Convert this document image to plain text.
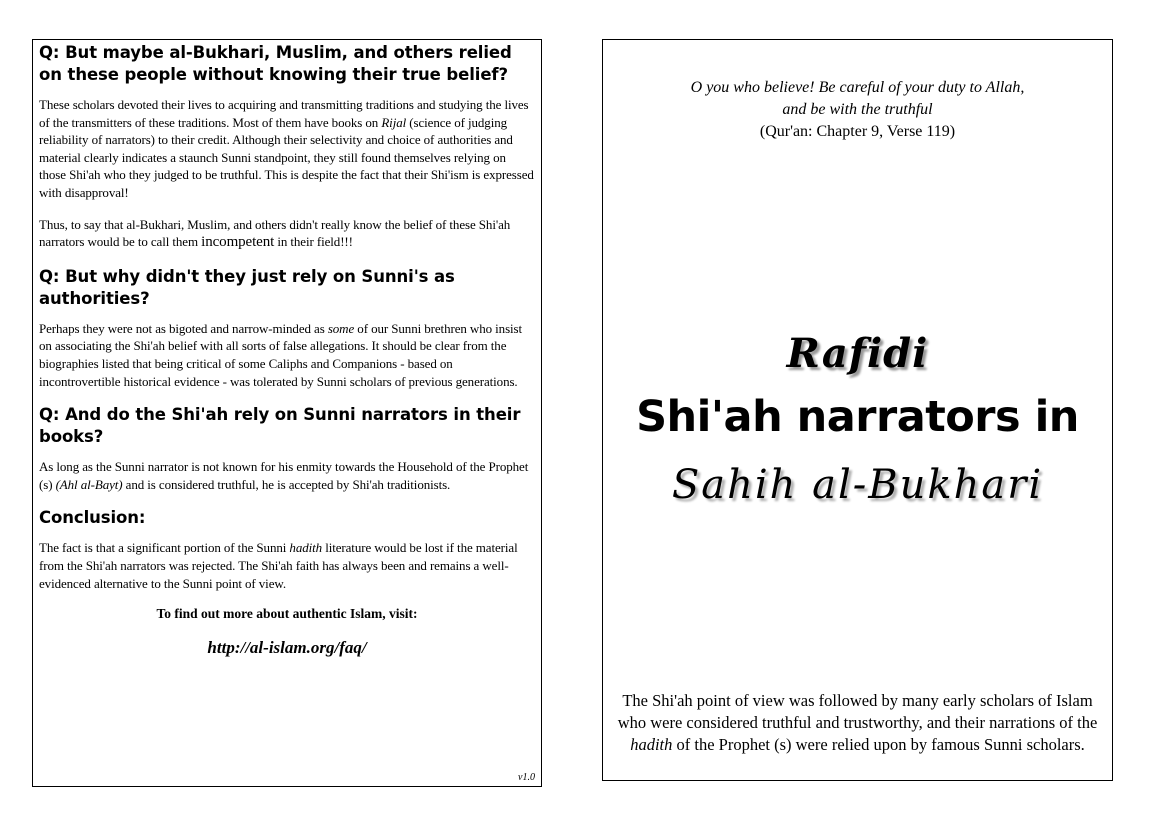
Q: But maybe al-Bukhari, Muslim, and others relied on these people without knowing their true belief?
These scholars devoted their lives to acquiring and transmitting traditions and studying the lives of the transmitters of these traditions. Most of them have books on Rijal (science of judging reliability of narrators) to their credit. Although their selectivity and choice of authorities and material clearly indicates a staunch Sunni standpoint, they still found themselves relying on those Shi'ah who they judged to be truthful. This is despite the fact that their Shi'ism is expressed with disapproval!
Thus, to say that al-Bukhari, Muslim, and others didn't really know the belief of these Shi'ah narrators would be to call them incompetent in their field!!!
Q: But why didn't they just rely on Sunni's as authorities?
Perhaps they were not as bigoted and narrow-minded as some of our Sunni brethren who insist on associating the Shi'ah belief with all sorts of false allegations. It should be clear from the biographies listed that being critical of some Caliphs and Companions - based on incontrovertible historical evidence - was tolerated by Sunni scholars of previous generations.
Q: And do the Shi'ah rely on Sunni narrators in their books?
As long as the Sunni narrator is not known for his enmity towards the Household of the Prophet (s) (Ahl al-Bayt) and is considered truthful, he is accepted by Shi'ah traditionists.
Conclusion:
The fact is that a significant portion of the Sunni hadith literature would be lost if the material from the Shi'ah narrators was rejected. The Shi'ah faith has always been and remains a well-evidenced alternative to the Sunni point of view.
To find out more about authentic Islam, visit:
http://al-islam.org/faq/
v1.0
O you who believe! Be careful of your duty to Allah,
and be with the truthful
(Qur'an: Chapter 9, Verse 119)
Rafidi
Shi'ah narrators in
Sahih al-Bukhari
The Shi'ah point of view was followed by many early scholars of Islam who were considered truthful and trustworthy, and their narrations of the hadith of the Prophet (s) were relied upon by famous Sunni scholars.
